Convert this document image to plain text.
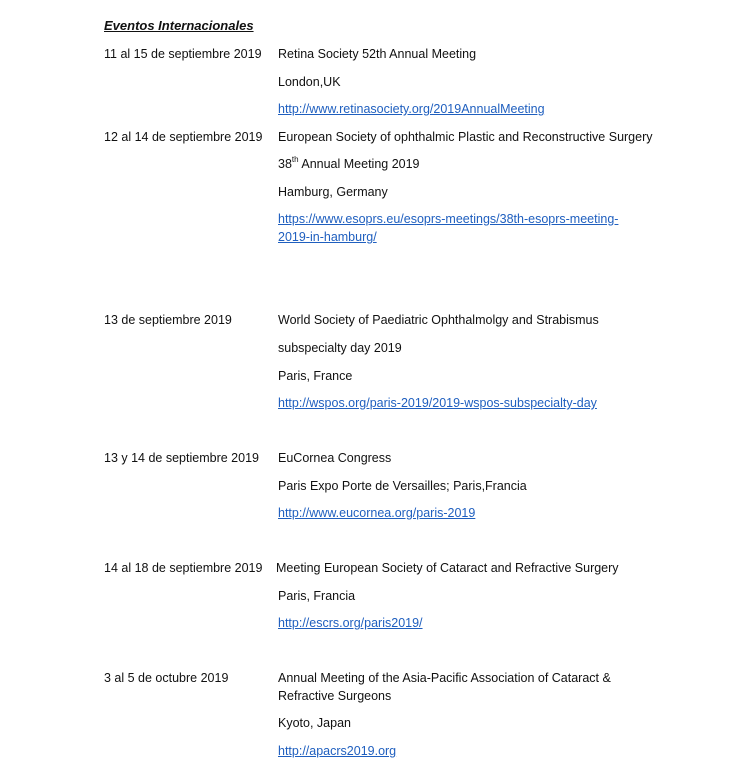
Eventos Internacionales
11 al 15 de septiembre 2019 Retina Society 52th Annual Meeting
London,UK
http://www.retinasociety.org/2019AnnualMeeting
12 al 14 de septiembre 2019 European Society of ophthalmic Plastic and Reconstructive Surgery
38th Annual Meeting 2019
Hamburg, Germany
https://www.esoprs.eu/esoprs-meetings/38th-esoprs-meeting-
2019-in-hamburg/
13 de septiembre 2019	World Society of Paediatric Ophthalmolgy and Strabismus
subspecialty day 2019
Paris, France
http://wspos.org/paris-2019/2019-wspos-subspecialty-day
13 y 14 de septiembre 2019 EuCornea Congress
Paris Expo Porte de Versailles; Paris,Francia
http://www.eucornea.org/paris-2019
14 al 18 de septiembre 2019 Meeting European Society of Cataract and Refractive Surgery
Paris, Francia
http://escrs.org/paris2019/
3 al 5 de octubre 2019	Annual Meeting of the Asia-Pacific Association of Cataract &
Refractive Surgeons
Kyoto, Japan
http://apacrs2019.org
